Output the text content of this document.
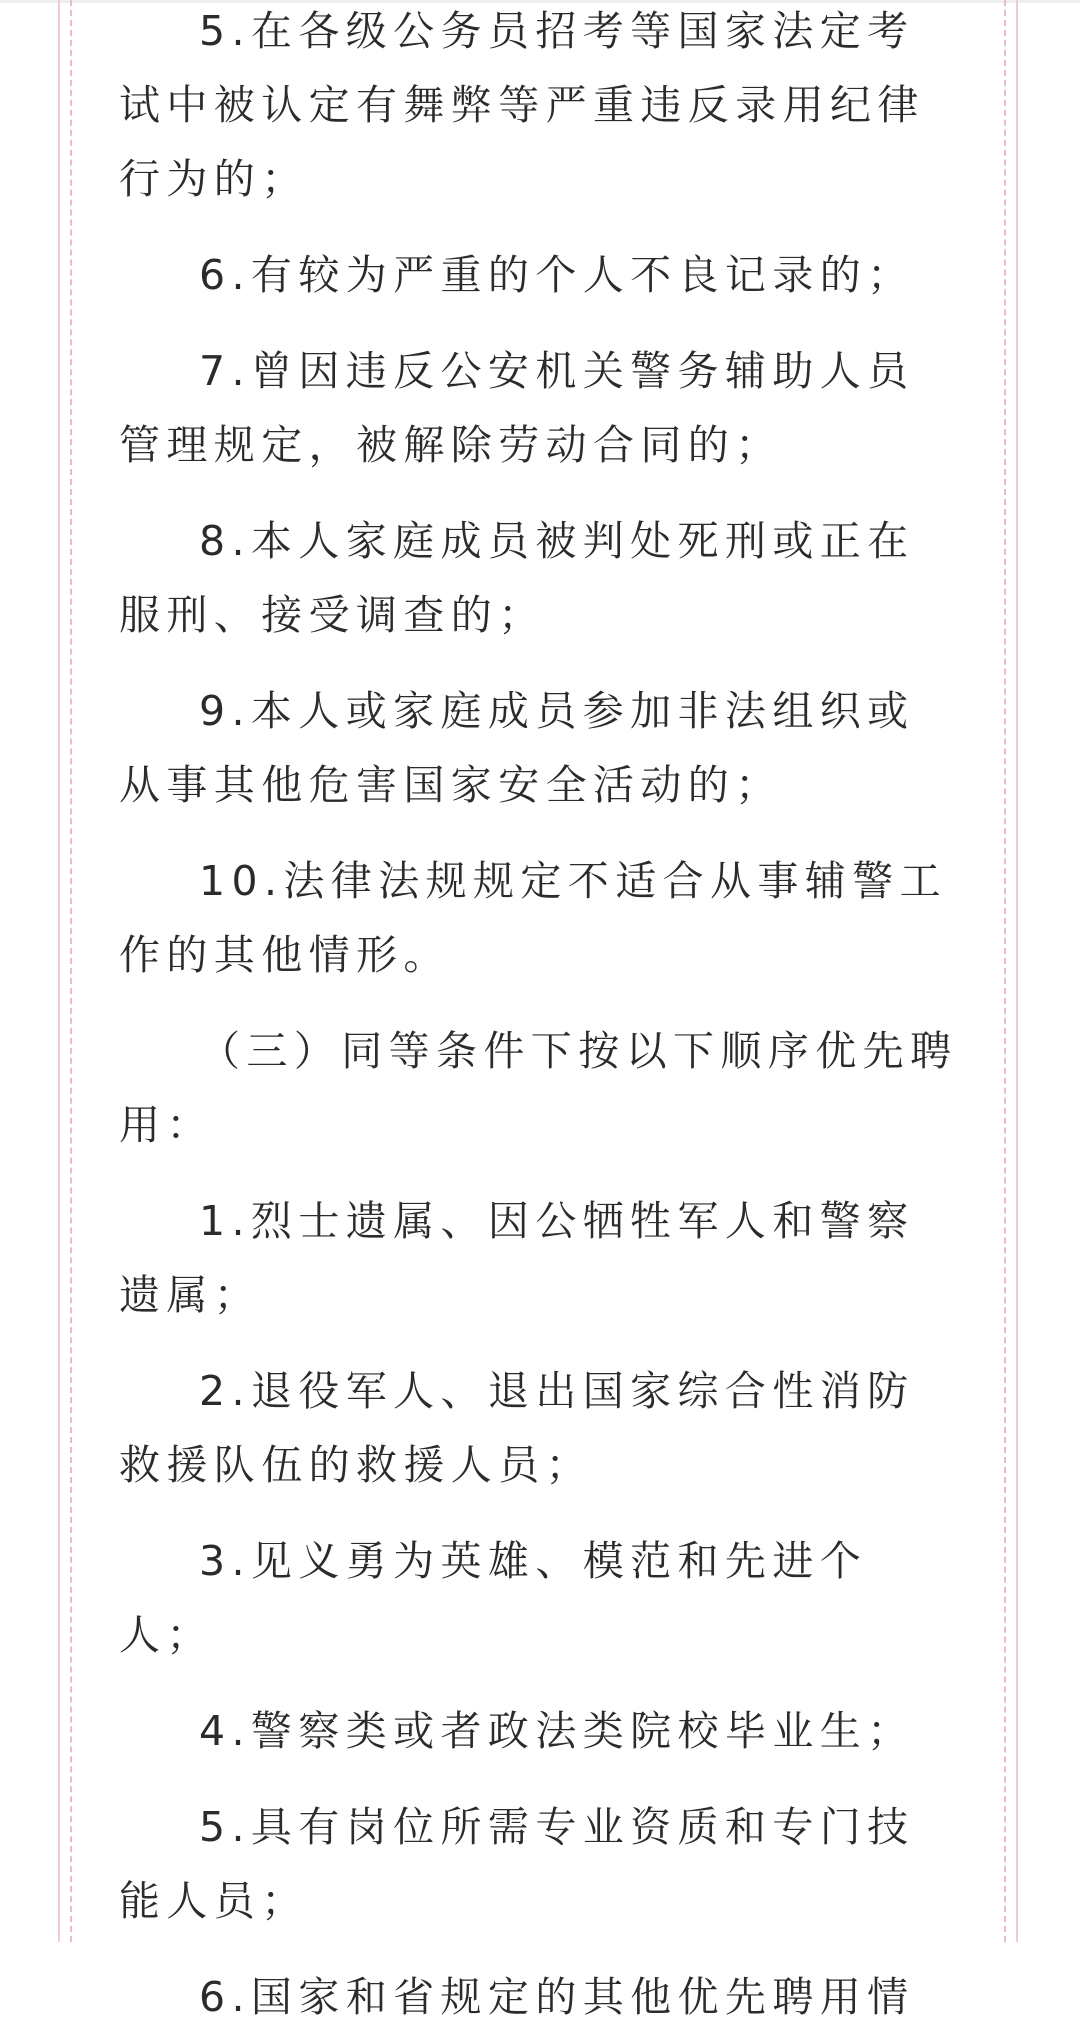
5.在各级公务员招考等国家法定考试中被认定有舞弊等严重违反录用纪律行为的；

6.有较为严重的个人不良记录的；

7.曾因违反公安机关警务辅助人员管理规定，被解除劳动合同的；

8.本人家庭成员被判处死刑或正在服刑、接受调查的；

9.本人或家庭成员参加非法组织或从事其他危害国家安全活动的；

10.法律法规规定不适合从事辅警工作的其他情形。

（三）同等条件下按以下顺序优先聘用：

1.烈士遗属、因公牺牲军人和警察遗属；

2.退役军人、退出国家综合性消防救援队伍的救援人员；

3.见义勇为英雄、模范和先进个人；

4.警察类或者政法类院校毕业生；

5.具有岗位所需专业资质和专门技能人员；

6.国家和省规定的其他优先聘用情
